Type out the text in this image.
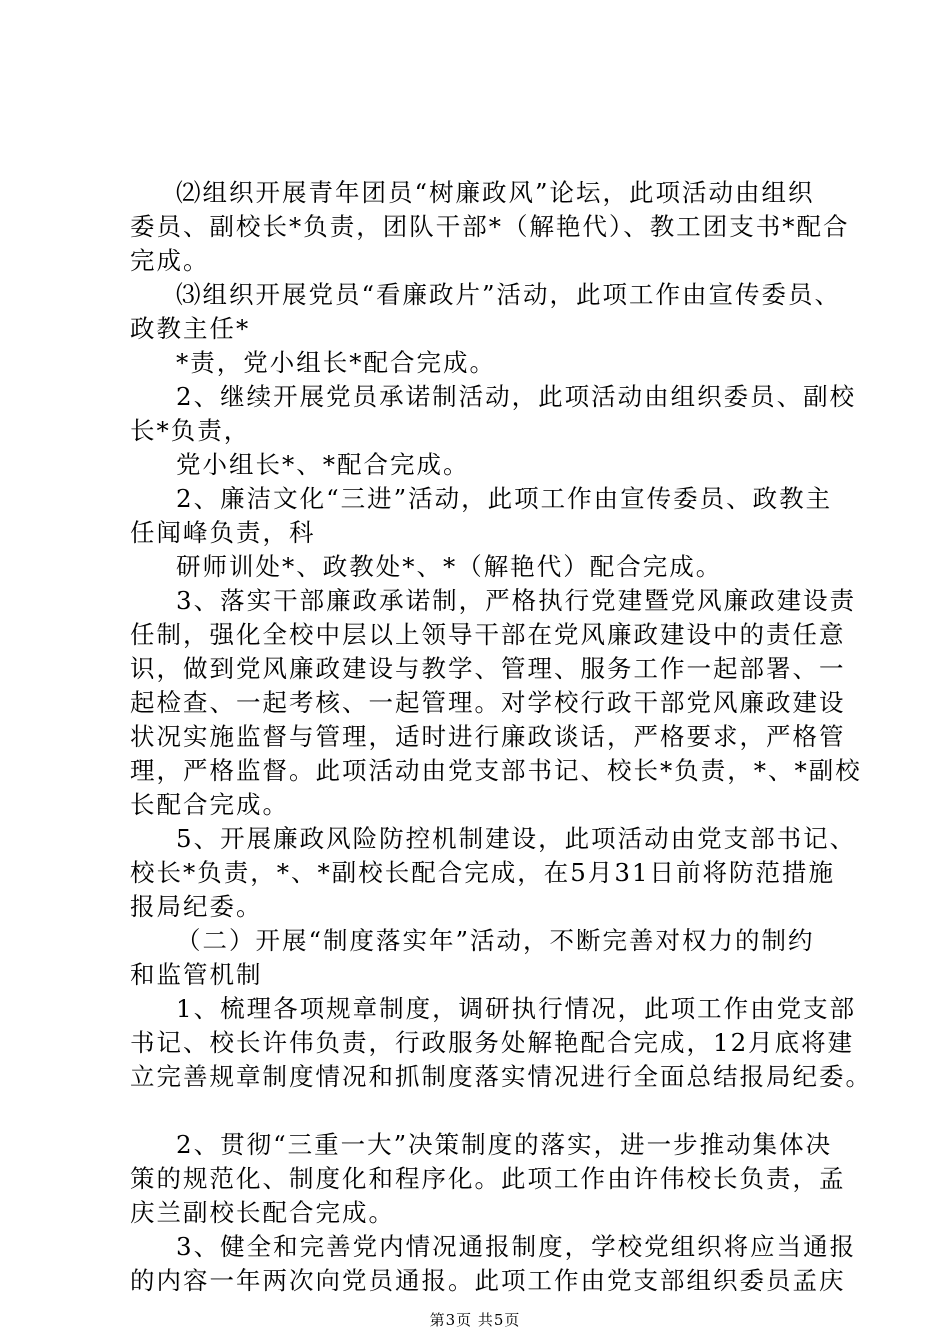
⑵组织开展青年团员“树廉政风”论坛，此项活动由组织
委员、副校长*负责，团队干部*（解艳代）、教工团支书*配合
完成。
⑶组织开展党员“看廉政片”活动，此项工作由宣传委员、
政教主任*
*责，党小组长*配合完成。
2、继续开展党员承诺制活动，此项活动由组织委员、副校
长*负责，
党小组长*、*配合完成。
2、廉洁文化“三进”活动，此项工作由宣传委员、政教主
任闻峰负责，科
研师训处*、政教处*、*（解艳代）配合完成。
3、落实干部廉政承诺制，严格执行党建暨党风廉政建设责
任制，强化全校中层以上领导干部在党风廉政建设中的责任意
识，做到党风廉政建设与教学、管理、服务工作一起部署、一
起检查、一起考核、一起管理。对学校行政干部党风廉政建设
状况实施监督与管理，适时进行廉政谈话，严格要求，严格管
理，严格监督。此项活动由党支部书记、校长*负责，*、*副校
长配合完成。
5、开展廉政风险防控机制建设，此项活动由党支部书记、
校长*负责，*、*副校长配合完成，在5月31日前将防范措施
报局纪委。
（二）开展“制度落实年”活动，不断完善对权力的制约
和监管机制
1、梳理各项规章制度，调研执行情况，此项工作由党支部
书记、校长许伟负责，行政服务处解艳配合完成，12月底将建
立完善规章制度情况和抓制度落实情况进行全面总结报局纪委。
2、贯彻“三重一大”决策制度的落实，进一步推动集体决
策的规范化、制度化和程序化。此项工作由许伟校长负责，孟
庆兰副校长配合完成。
3、健全和完善党内情况通报制度，学校党组织将应当通报
的内容一年两次向党员通报。此项工作由党支部组织委员孟庆
第3页 共5页
